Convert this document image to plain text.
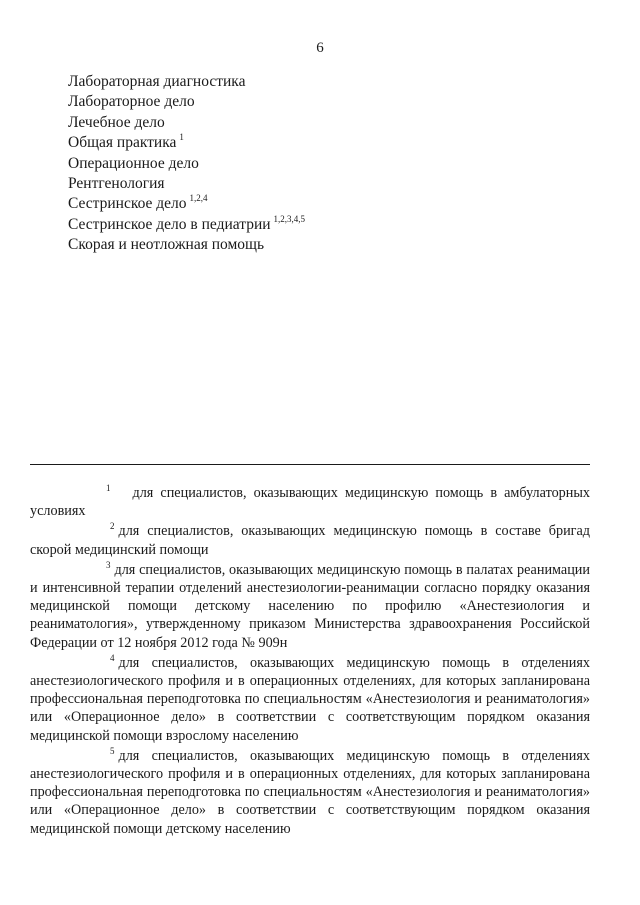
6
Лабораторная диагностика
Лабораторное дело
Лечебное дело
Общая практика $^1$
Операционное дело
Рентгенология
Сестринское дело $^{1,2,4}$
Сестринское дело в педиатрии $^{1,2,3,4,5}$
Скорая и неотложная помощь

1 для специалистов, оказывающих медицинскую помощь в амбулаторных условиях

2 для специалистов, оказывающих медицинскую помощь в составе бригад скорой медицинский помощи

3 для специалистов, оказывающих медицинскую помощь в палатах реанимации и интенсивной терапии отделений анестезиологии-реанимации согласно порядку оказания медицинской помощи детскому населению по профилю «Анестезиология и реаниматология», утвержденному приказом Министерства здравоохранения Российской Федерации от 12 ноября 2012 года № 909н

4 для специалистов, оказывающих медицинскую помощь в отделениях анестезиологического профиля и в операционных отделениях, для которых запланирована профессиональная переподготовка по специальностям «Анестезиология и реаниматология» или «Операционное дело» в соответствии с соответствующим порядком оказания медицинской помощи взрослому населению

5 для специалистов, оказывающих медицинскую помощь в отделениях анестезиологического профиля и в операционных отделениях, для которых запланирована профессиональная переподготовка по специальностям «Анестезиология и реаниматология» или «Операционное дело» в соответствии с соответствующим порядком оказания медицинской помощи детскому населению
